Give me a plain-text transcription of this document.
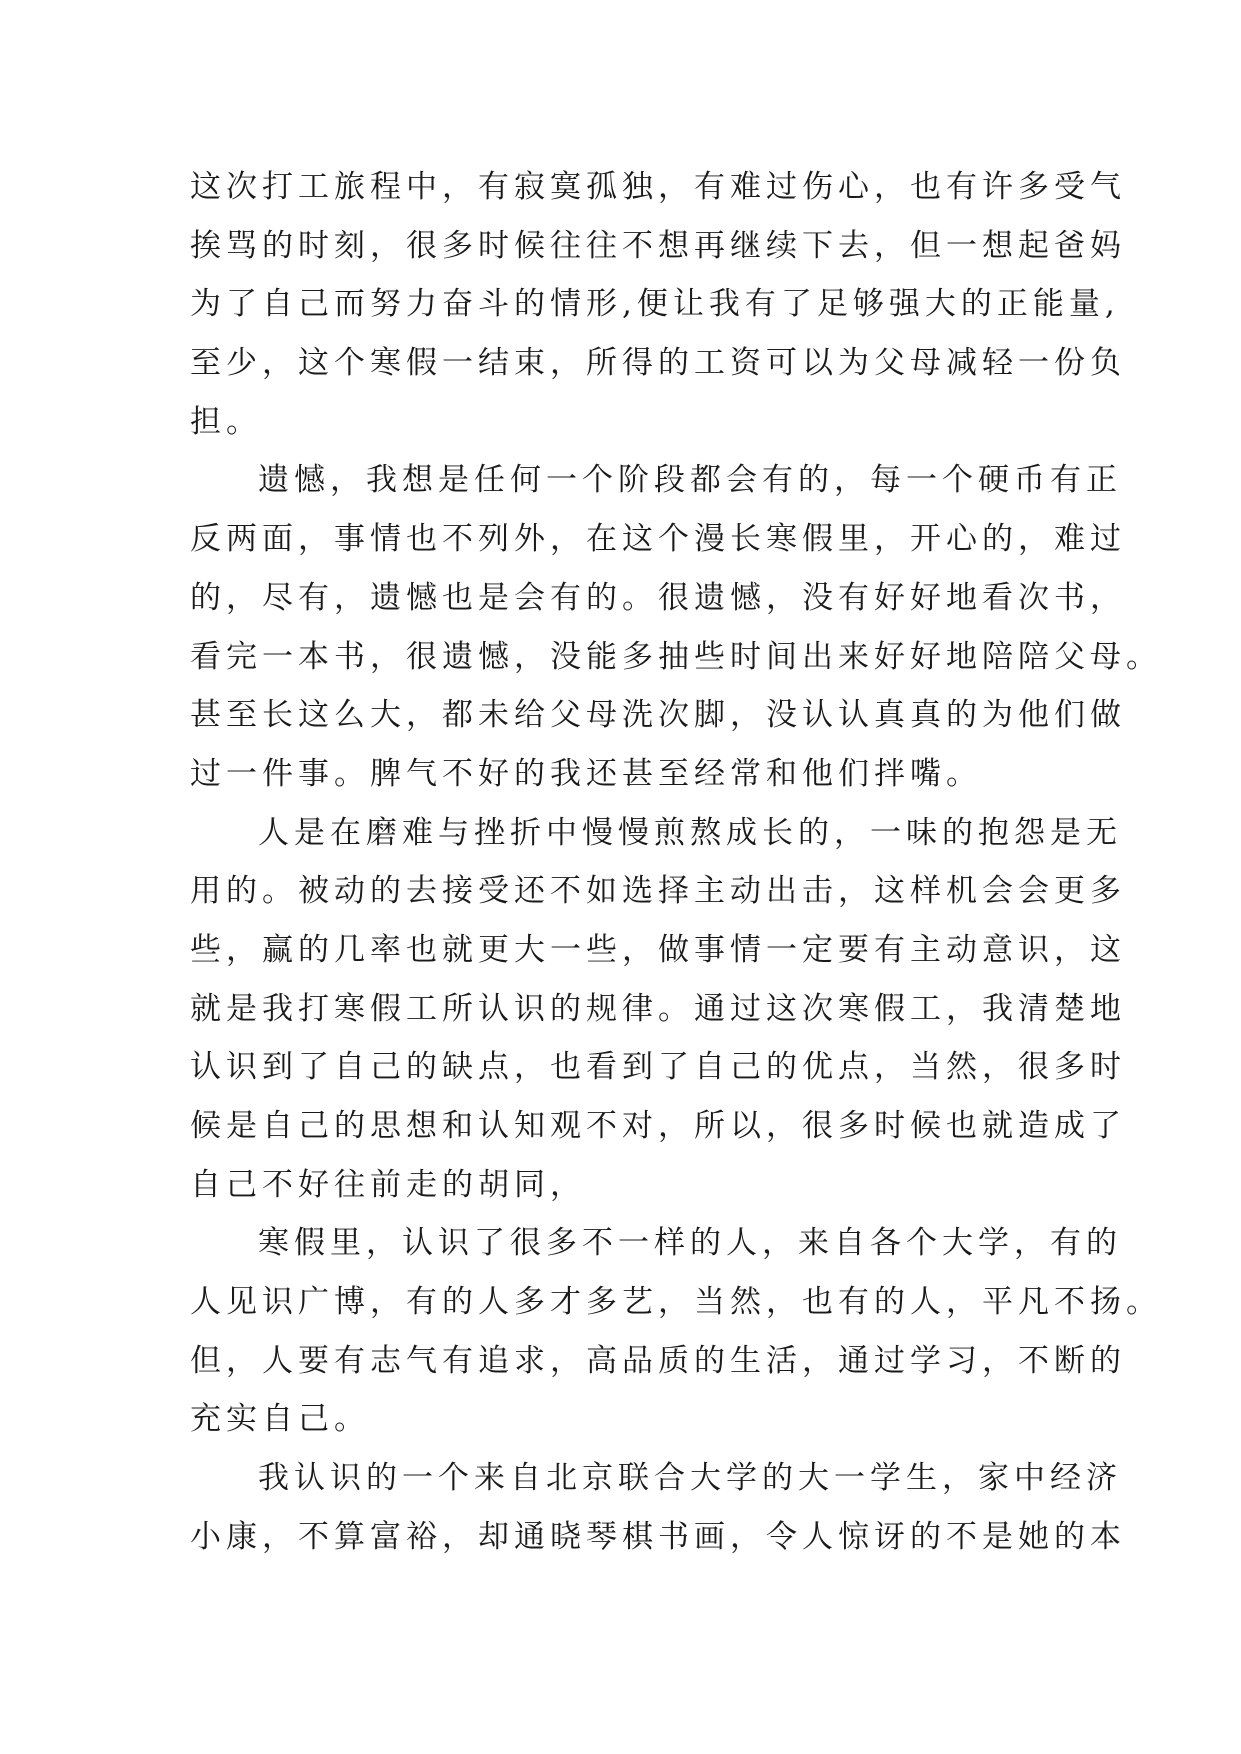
这次打工旅程中，有寂寞孤独，有难过伤心，也有许多受气
挨骂的时刻，很多时候往往不想再继续下去，但一想起爸妈
为了自己而努力奋斗的情形,便让我有了足够强大的正能量,
至少，这个寒假一结束，所得的工资可以为父母减轻一份负
担。
遗憾，我想是任何一个阶段都会有的，每一个硬币有正
反两面，事情也不列外，在这个漫长寒假里，开心的，难过
的，尽有，遗憾也是会有的。很遗憾，没有好好地看次书，
看完一本书，很遗憾，没能多抽些时间出来好好地陪陪父母。
甚至长这么大，都未给父母洗次脚，没认认真真的为他们做
过一件事。脾气不好的我还甚至经常和他们拌嘴。
人是在磨难与挫折中慢慢煎熬成长的，一味的抱怨是无
用的。被动的去接受还不如选择主动出击，这样机会会更多
些，赢的几率也就更大一些，做事情一定要有主动意识，这
就是我打寒假工所认识的规律。通过这次寒假工，我清楚地
认识到了自己的缺点，也看到了自己的优点，当然，很多时
候是自己的思想和认知观不对，所以，很多时候也就造成了
自己不好往前走的胡同，
寒假里，认识了很多不一样的人，来自各个大学，有的
人见识广博，有的人多才多艺，当然，也有的人，平凡不扬。
但，人要有志气有追求，高品质的生活，通过学习，不断的
充实自己。
我认识的一个来自北京联合大学的大一学生，家中经济
小康，不算富裕，却通晓琴棋书画，令人惊讶的不是她的本
